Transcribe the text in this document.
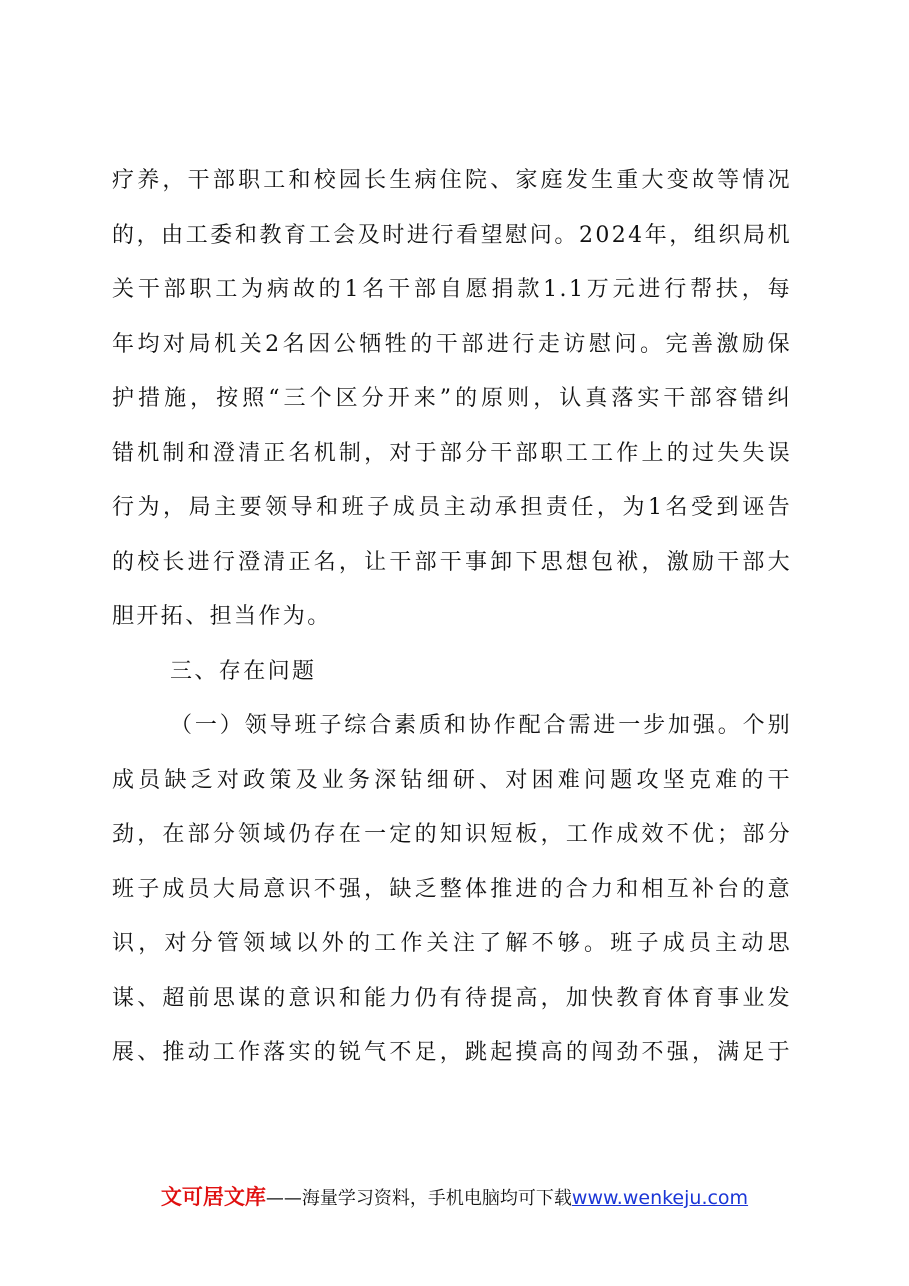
疗养，干部职工和校园长生病住院、家庭发生重大变故等情况
的，由工委和教育工会及时进行看望慰问。2024年，组织局机
关干部职工为病故的1名干部自愿捐款1.1万元进行帮扶，每
年均对局机关2名因公牺牲的干部进行走访慰问。完善激励保
护措施，按照“三个区分开来”的原则，认真落实干部容错纠
错机制和澄清正名机制，对于部分干部职工工作上的过失失误
行为，局主要领导和班子成员主动承担责任，为1名受到诬告
的校长进行澄清正名，让干部干事卸下思想包袱，激励干部大
胆开拓、担当作为。
三、存在问题
（一）领导班子综合素质和协作配合需进一步加强。个别
成员缺乏对政策及业务深钻细研、对困难问题攻坚克难的干
劲，在部分领域仍存在一定的知识短板，工作成效不优；部分
班子成员大局意识不强，缺乏整体推进的合力和相互补台的意
识，对分管领域以外的工作关注了解不够。班子成员主动思
谋、超前思谋的意识和能力仍有待提高，加快教育体育事业发
展、推动工作落实的锐气不足，跳起摸高的闯劲不强，满足于
文可居文库——海量学习资料，手机电脑均可下载www.wenkeju.com
